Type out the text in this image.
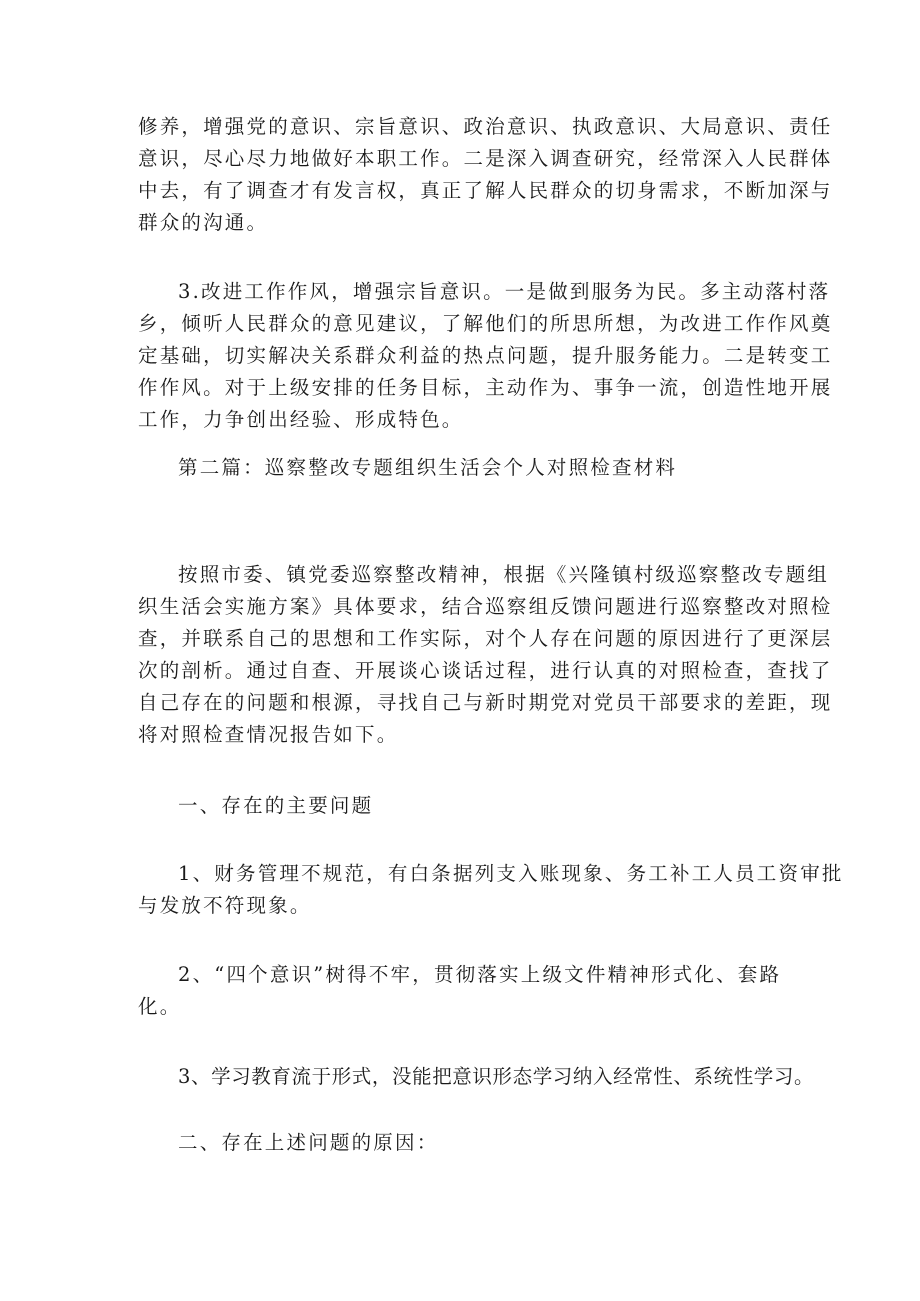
修养，增强党的意识、宗旨意识、政治意识、执政意识、大局意识、责任
意识，尽心尽力地做好本职工作。二是深入调查研究，经常深入人民群体
中去，有了调查才有发言权，真正了解人民群众的切身需求，不断加深与
群众的沟通。
3.改进工作作风，增强宗旨意识。一是做到服务为民。多主动落村落
乡，倾听人民群众的意见建议，了解他们的所思所想，为改进工作作风奠
定基础，切实解决关系群众利益的热点问题，提升服务能力。二是转变工
作作风。对于上级安排的任务目标，主动作为、事争一流，创造性地开展
工作，力争创出经验、形成特色。
第二篇：巡察整改专题组织生活会个人对照检查材料
按照市委、镇党委巡察整改精神，根据《兴隆镇村级巡察整改专题组
织生活会实施方案》具体要求，结合巡察组反馈问题进行巡察整改对照检
查，并联系自己的思想和工作实际，对个人存在问题的原因进行了更深层
次的剖析。通过自查、开展谈心谈话过程，进行认真的对照检查，查找了
自己存在的问题和根源，寻找自己与新时期党对党员干部要求的差距，现
将对照检查情况报告如下。
一、存在的主要问题
1、财务管理不规范，有白条据列支入账现象、务工补工人员工资审批
与发放不符现象。
2、“四个意识”树得不牢，贯彻落实上级文件精神形式化、套路
化。
3、学习教育流于形式，没能把意识形态学习纳入经常性、系统性学习。
二、存在上述问题的原因：
